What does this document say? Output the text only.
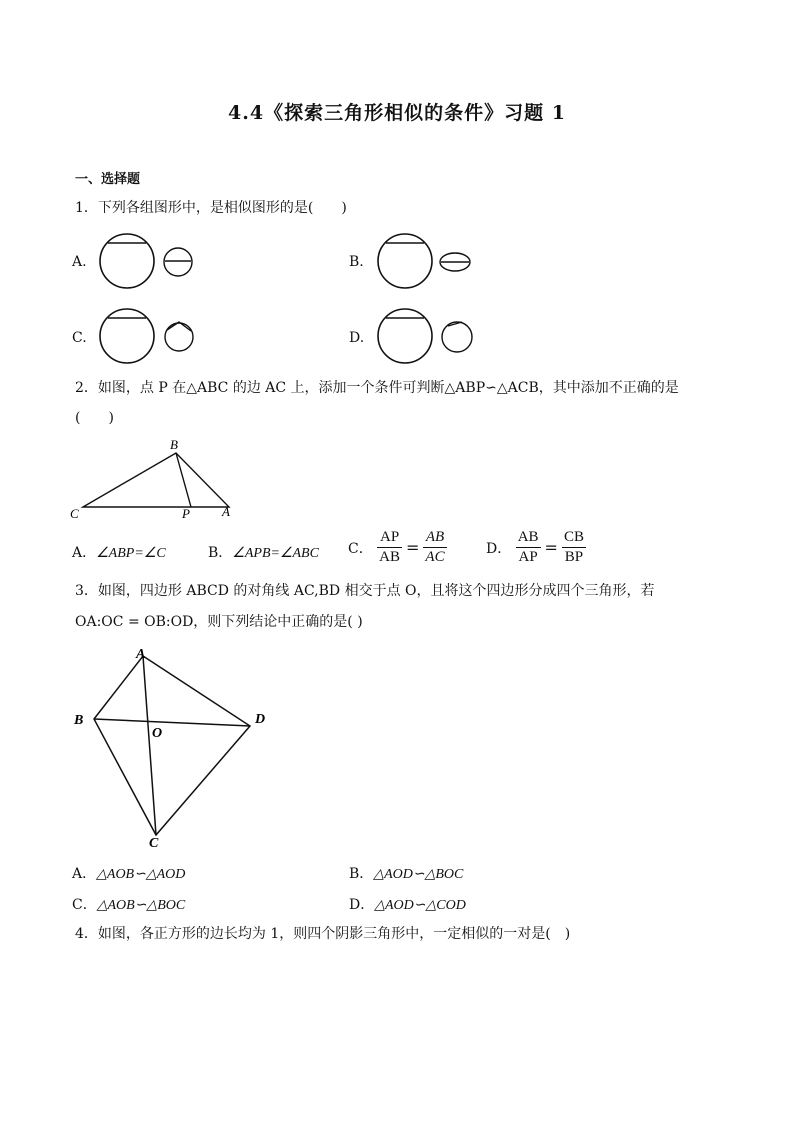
4.4《探索三角形相似的条件》习题 1
一、选择题
1．下列各组图形中，是相似图形的是(　　)
A.	B.
C.	D.
2．如图，点 P 在△ABC 的边 AC 上，添加一个条件可判断△ABP∽△ACB，其中添加不正确的是
(　　)
B
C	P A
A．∠ABP=∠C	B．∠APB=∠ABC C． $\frac{AP}{AB} = \frac{AB}{AC}$	D． $\frac{AB}{AP} = \frac{CB}{BP}$
3．如图，四边形 ABCD 的对角线 AC,BD 相交于点 O，且将这个四边形分成四个三角形，若
OA:OC = OB:OD，则下列结论中正确的是( )
A
B	D
O
C
A．△AOB∽△AOD	B．△AOD∽△BOC
C．△AOB∽△BOC	D．△AOD∽△COD
4．如图，各正方形的边长均为 1，则四个阴影三角形中，一定相似的一对是(　)
